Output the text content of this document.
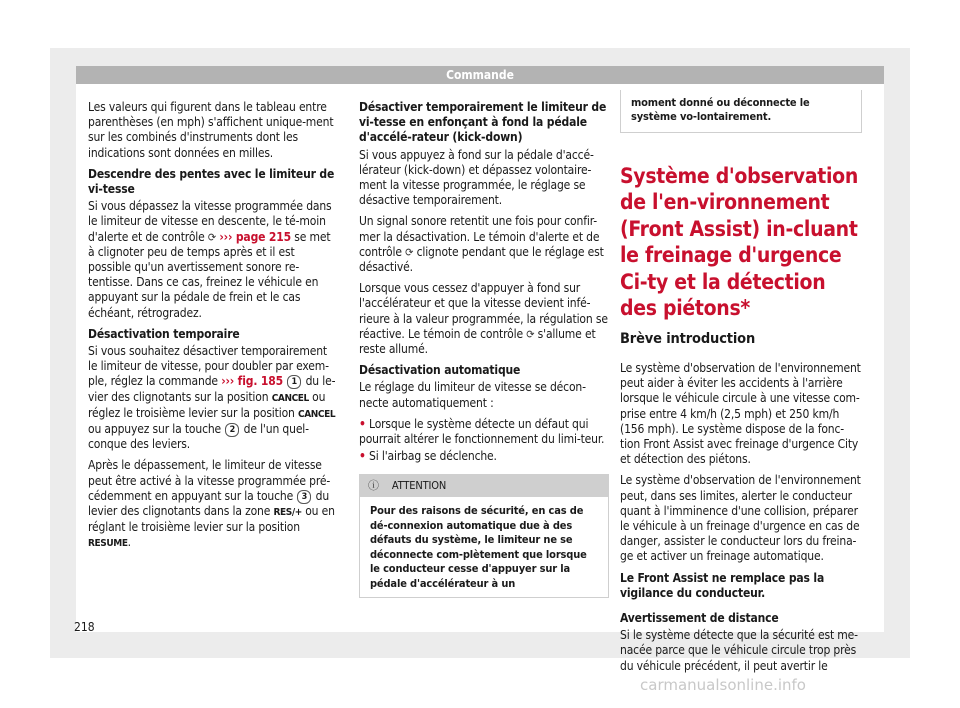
Commande

Les valeurs qui figurent dans le tableau entre parenthèses (en mph) s'affichent unique-ment sur les combinés d'instruments dont les indications sont données en milles.

Descendre des pentes avec le limiteur de vi-tesse

Si vous dépassez la vitesse programmée dans le limiteur de vitesse en descente, le té-moin d'alerte et de contrôle ⟳ ››› page 215 se met à clignoter peu de temps après et il est possible qu'un avertissement sonore re-tentisse. Dans ce cas, freinez le véhicule en appuyant sur la pédale de frein et le cas échéant, rétrogradez.

Désactivation temporaire

Si vous souhaitez désactiver temporairement le limiteur de vitesse, pour doubler par exem-ple, réglez la commande ››› fig. 185 1 du le-vier des clignotants sur la position CANCEL ou réglez le troisième levier sur la position CANCEL ou appuyez sur la touche 2 de l'un quel-conque des leviers.

Après le dépassement, le limiteur de vitesse peut être activé à la vitesse programmée pré-cédemment en appuyant sur la touche 3 du levier des clignotants dans la zone RES/+ ou en réglant le troisième levier sur la position RESUME.

Désactiver temporairement le limiteur de vi-tesse en enfonçant à fond la pédale d'accélé-rateur (kick-down)

Si vous appuyez à fond sur la pédale d'accé-lérateur (kick-down) et dépassez volontaire-ment la vitesse programmée, le réglage se désactive temporairement.

Un signal sonore retentit une fois pour confir-mer la désactivation. Le témoin d'alerte et de contrôle ⟳ clignote pendant que le réglage est désactivé.

Lorsque vous cessez d'appuyer à fond sur l'accélérateur et que la vitesse devient infé-rieure à la valeur programmée, la régulation se réactive. Le témoin de contrôle ⟳ s'allume et reste allumé.

Désactivation automatique

Le réglage du limiteur de vitesse se décon-necte automatiquement :

• Lorsque le système détecte un défaut qui pourrait altérer le fonctionnement du limi-teur.

• Si l'airbag se déclenche.

ⓘ ATTENTION
Pour des raisons de sécurité, en cas de dé-connexion automatique due à des défauts du système, le limiteur ne se déconnecte com-plètement que lorsque le conducteur cesse d'appuyer sur la pédale d'accélérateur à un
moment donné ou déconnecte le système vo-lontairement.
Système d'observation de l'en-vironnement (Front Assist) in-cluant le freinage d'urgence Ci-ty et la détection des piétons*
Brève introduction

Le système d'observation de l'environnement peut aider à éviter les accidents à l'arrière lorsque le véhicule circule à une vitesse com-prise entre 4 km/h (2,5 mph) et 250 km/h (156 mph). Le système dispose de la fonc-tion Front Assist avec freinage d'urgence City et détection des piétons.

Le système d'observation de l'environnement peut, dans ses limites, alerter le conducteur quant à l'imminence d'une collision, préparer le véhicule à un freinage d'urgence en cas de danger, assister le conducteur lors du freina-ge et activer un freinage automatique.

Le Front Assist ne remplace pas la vigilance du conducteur.

Avertissement de distance

Si le système détecte que la sécurité est me-nacée parce que le véhicule circule trop près du véhicule précédent, il peut avertir le

218
carmanualsonline.info
